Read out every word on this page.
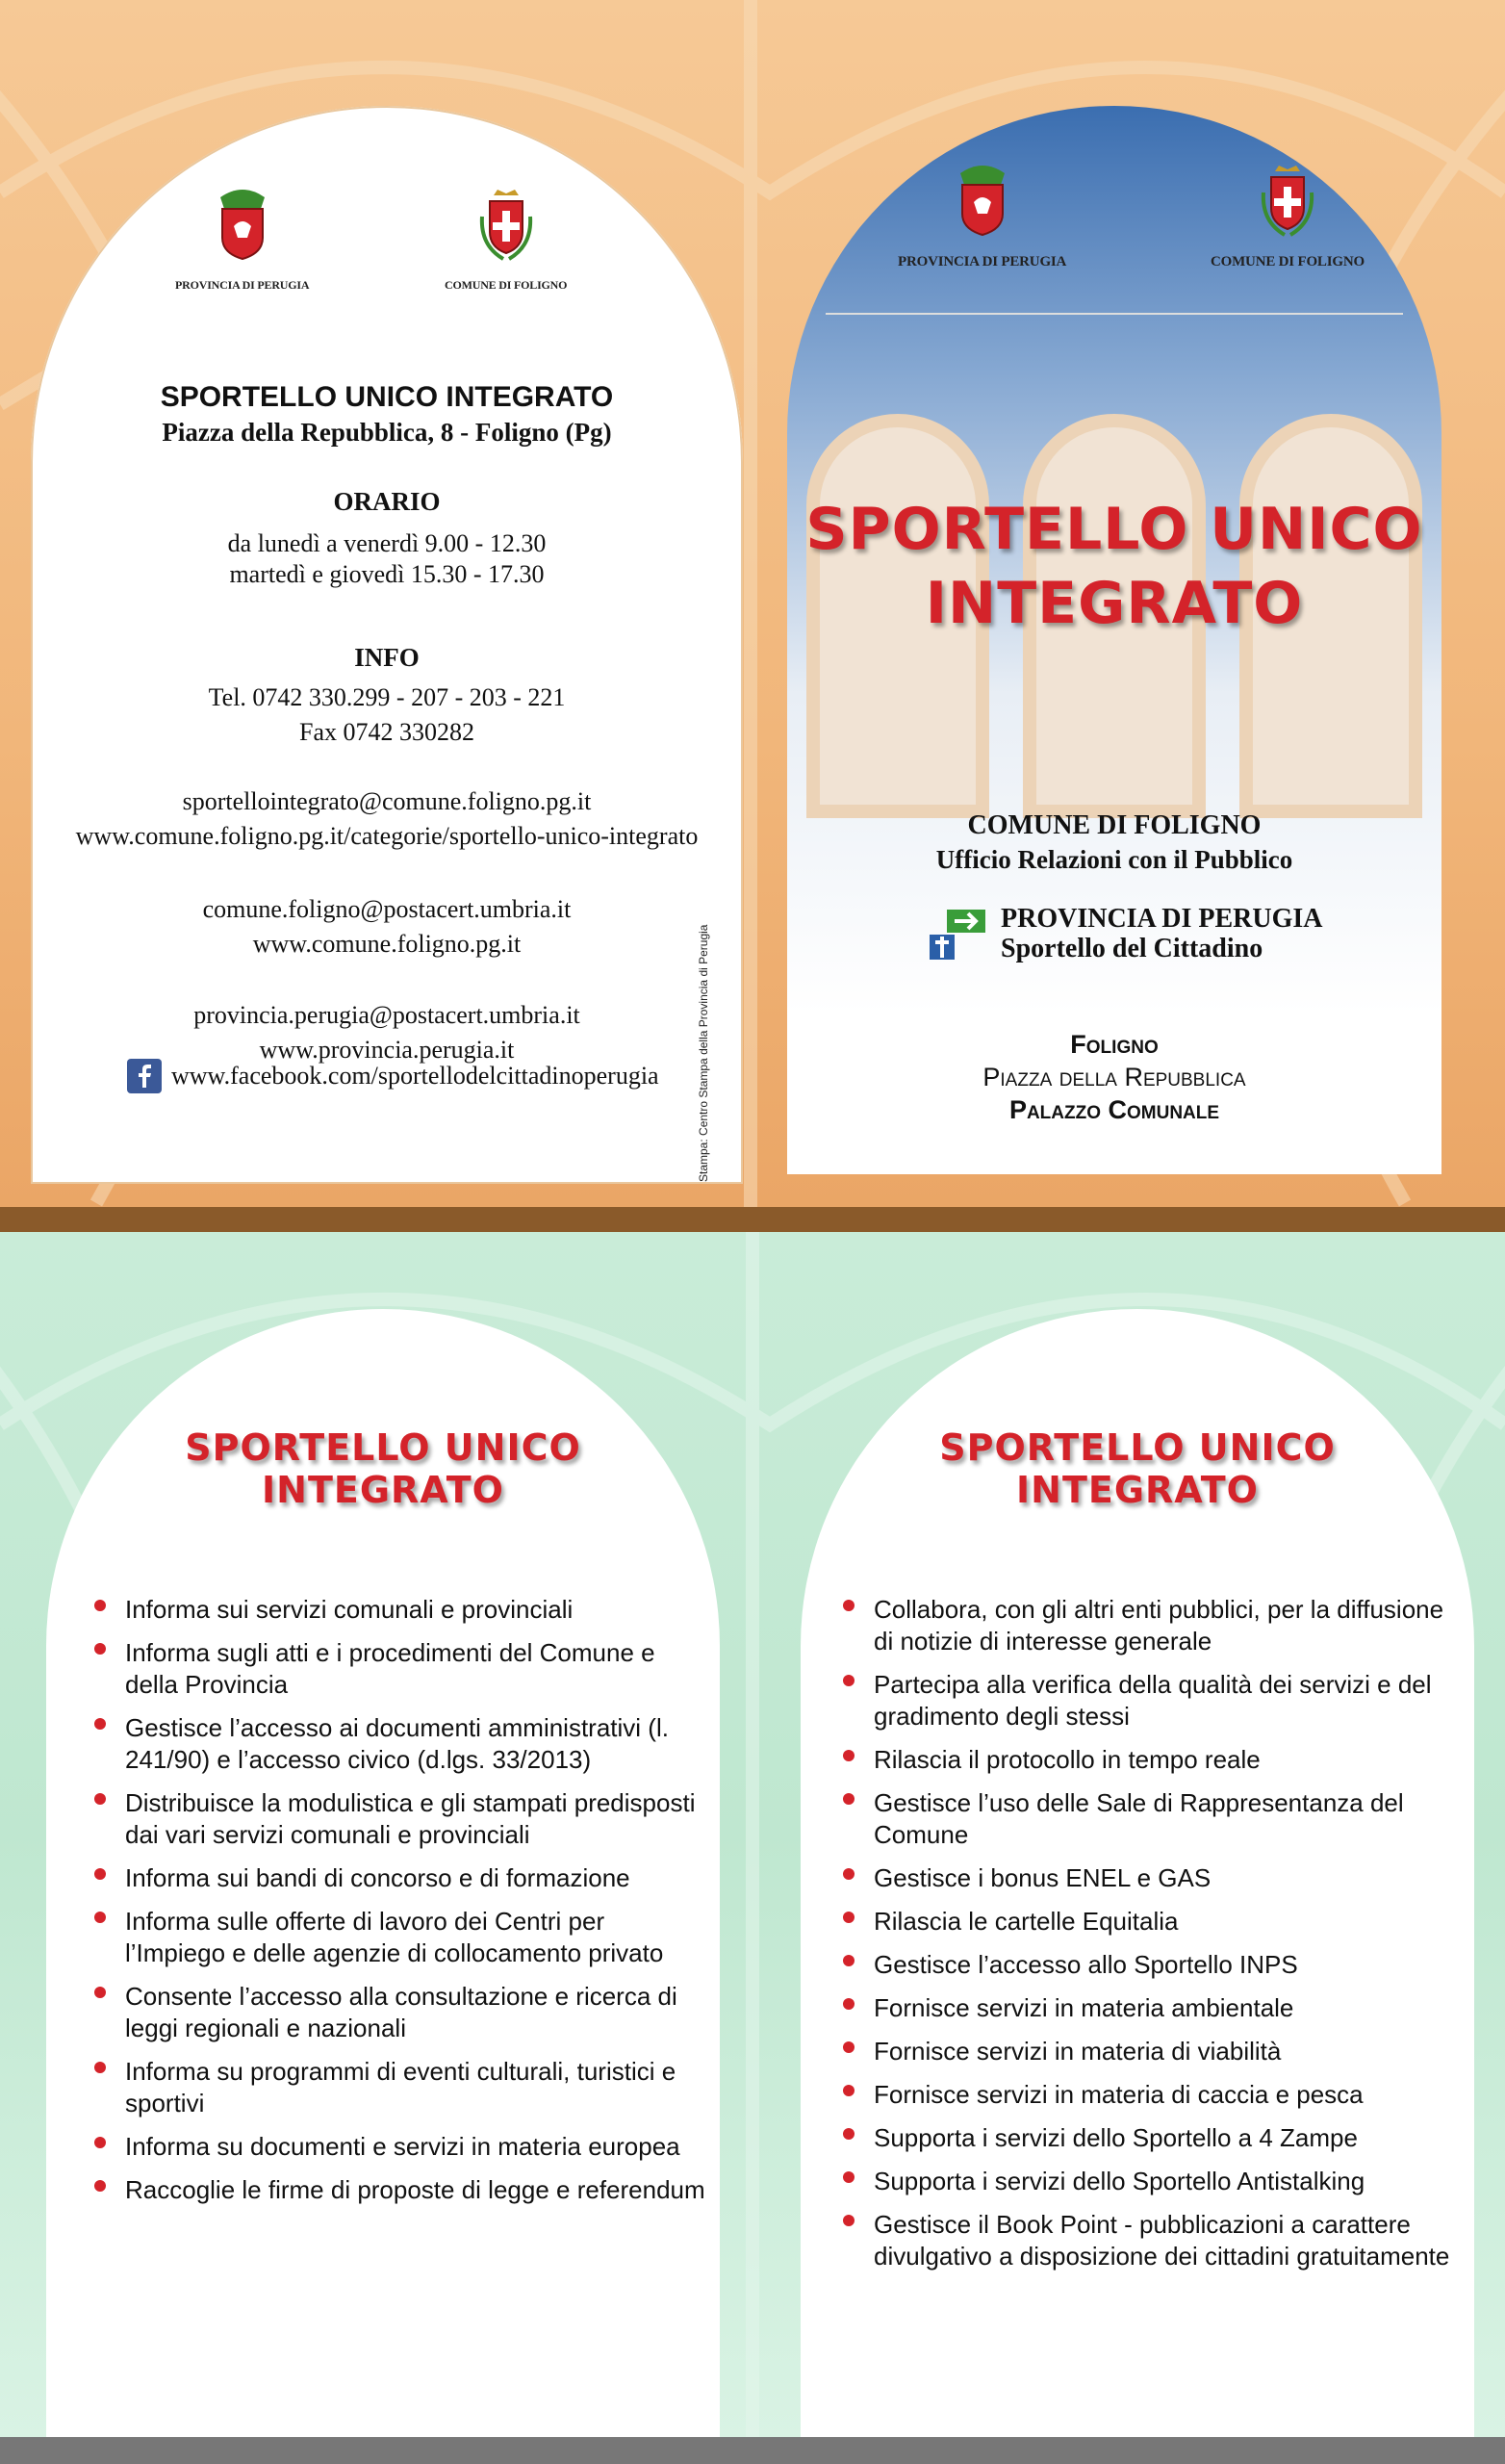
PROVINCIA DI PERUGIA	COMUNE DI FOLIGNO
SPORTELLO UNICO INTEGRATO
Piazza della Repubblica, 8 - Foligno (Pg)
ORARIO
da lunedì a venerdì 9.00 - 12.30
martedì e giovedì 15.30 - 17.30
INFO
Tel. 0742 330.299 - 207 - 203 - 221
Fax 0742 330282
sportellointegrato@comune.foligno.pg.it
www.comune.foligno.pg.it/categorie/sportello-unico-integrato
comune.foligno@postacert.umbria.it
www.comune.foligno.pg.it
provincia.perugia@postacert.umbria.it
www.provincia.perugia.it
www.facebook.com/sportellodelcittadinoperugia	Stampa: Centro Stampa della Provincia di Perugia
PROVINCIA DI PERUGIA	COMUNE DI FOLIGNO
SPORTELLO UNICO
INTEGRATO
COMUNE DI FOLIGNO
Ufficio Relazioni con il Pubblico
PROVINCIA DI PERUGIA
Sportello del Cittadino
Foligno
Piazza della Repubblica
Palazzo Comunale
SPORTELLO UNICO
INTEGRATO
Informa sui servizi comunali e provinciali
Informa sugli atti e i procedimenti del Comune e della Provincia
Gestisce l’accesso ai documenti amministrativi (l. 241/90) e l’accesso civico (d.lgs. 33/2013)
Distribuisce la modulistica e gli stampati predisposti dai vari servizi comunali e provinciali
Informa sui bandi di concorso e di formazione
Informa sulle offerte di lavoro dei Centri per l’Impiego e delle agenzie di collocamento privato
Consente l’accesso alla consultazione e ricerca di leggi regionali e nazionali
Informa su programmi di eventi culturali, turistici e sportivi
Informa su documenti e servizi in materia europea
Raccoglie le firme di proposte di legge e referendum
SPORTELLO UNICO
INTEGRATO
Collabora, con gli altri enti pubblici, per la diffusione di notizie di interesse generale
Partecipa alla verifica della qualità dei servizi e del gradimento degli stessi
Rilascia il protocollo in tempo reale
Gestisce l’uso delle Sale di Rappresentanza del Comune
Gestisce i bonus ENEL e GAS
Rilascia le cartelle Equitalia
Gestisce l’accesso allo Sportello INPS
Fornisce servizi in materia ambientale
Fornisce servizi in materia di viabilità
Fornisce servizi in materia di caccia e pesca
Supporta i servizi dello Sportello a 4 Zampe
Supporta i servizi dello Sportello Antistalking
Gestisce il Book Point - pubblicazioni a carattere divulgativo a disposizione dei cittadini gratuitamente
